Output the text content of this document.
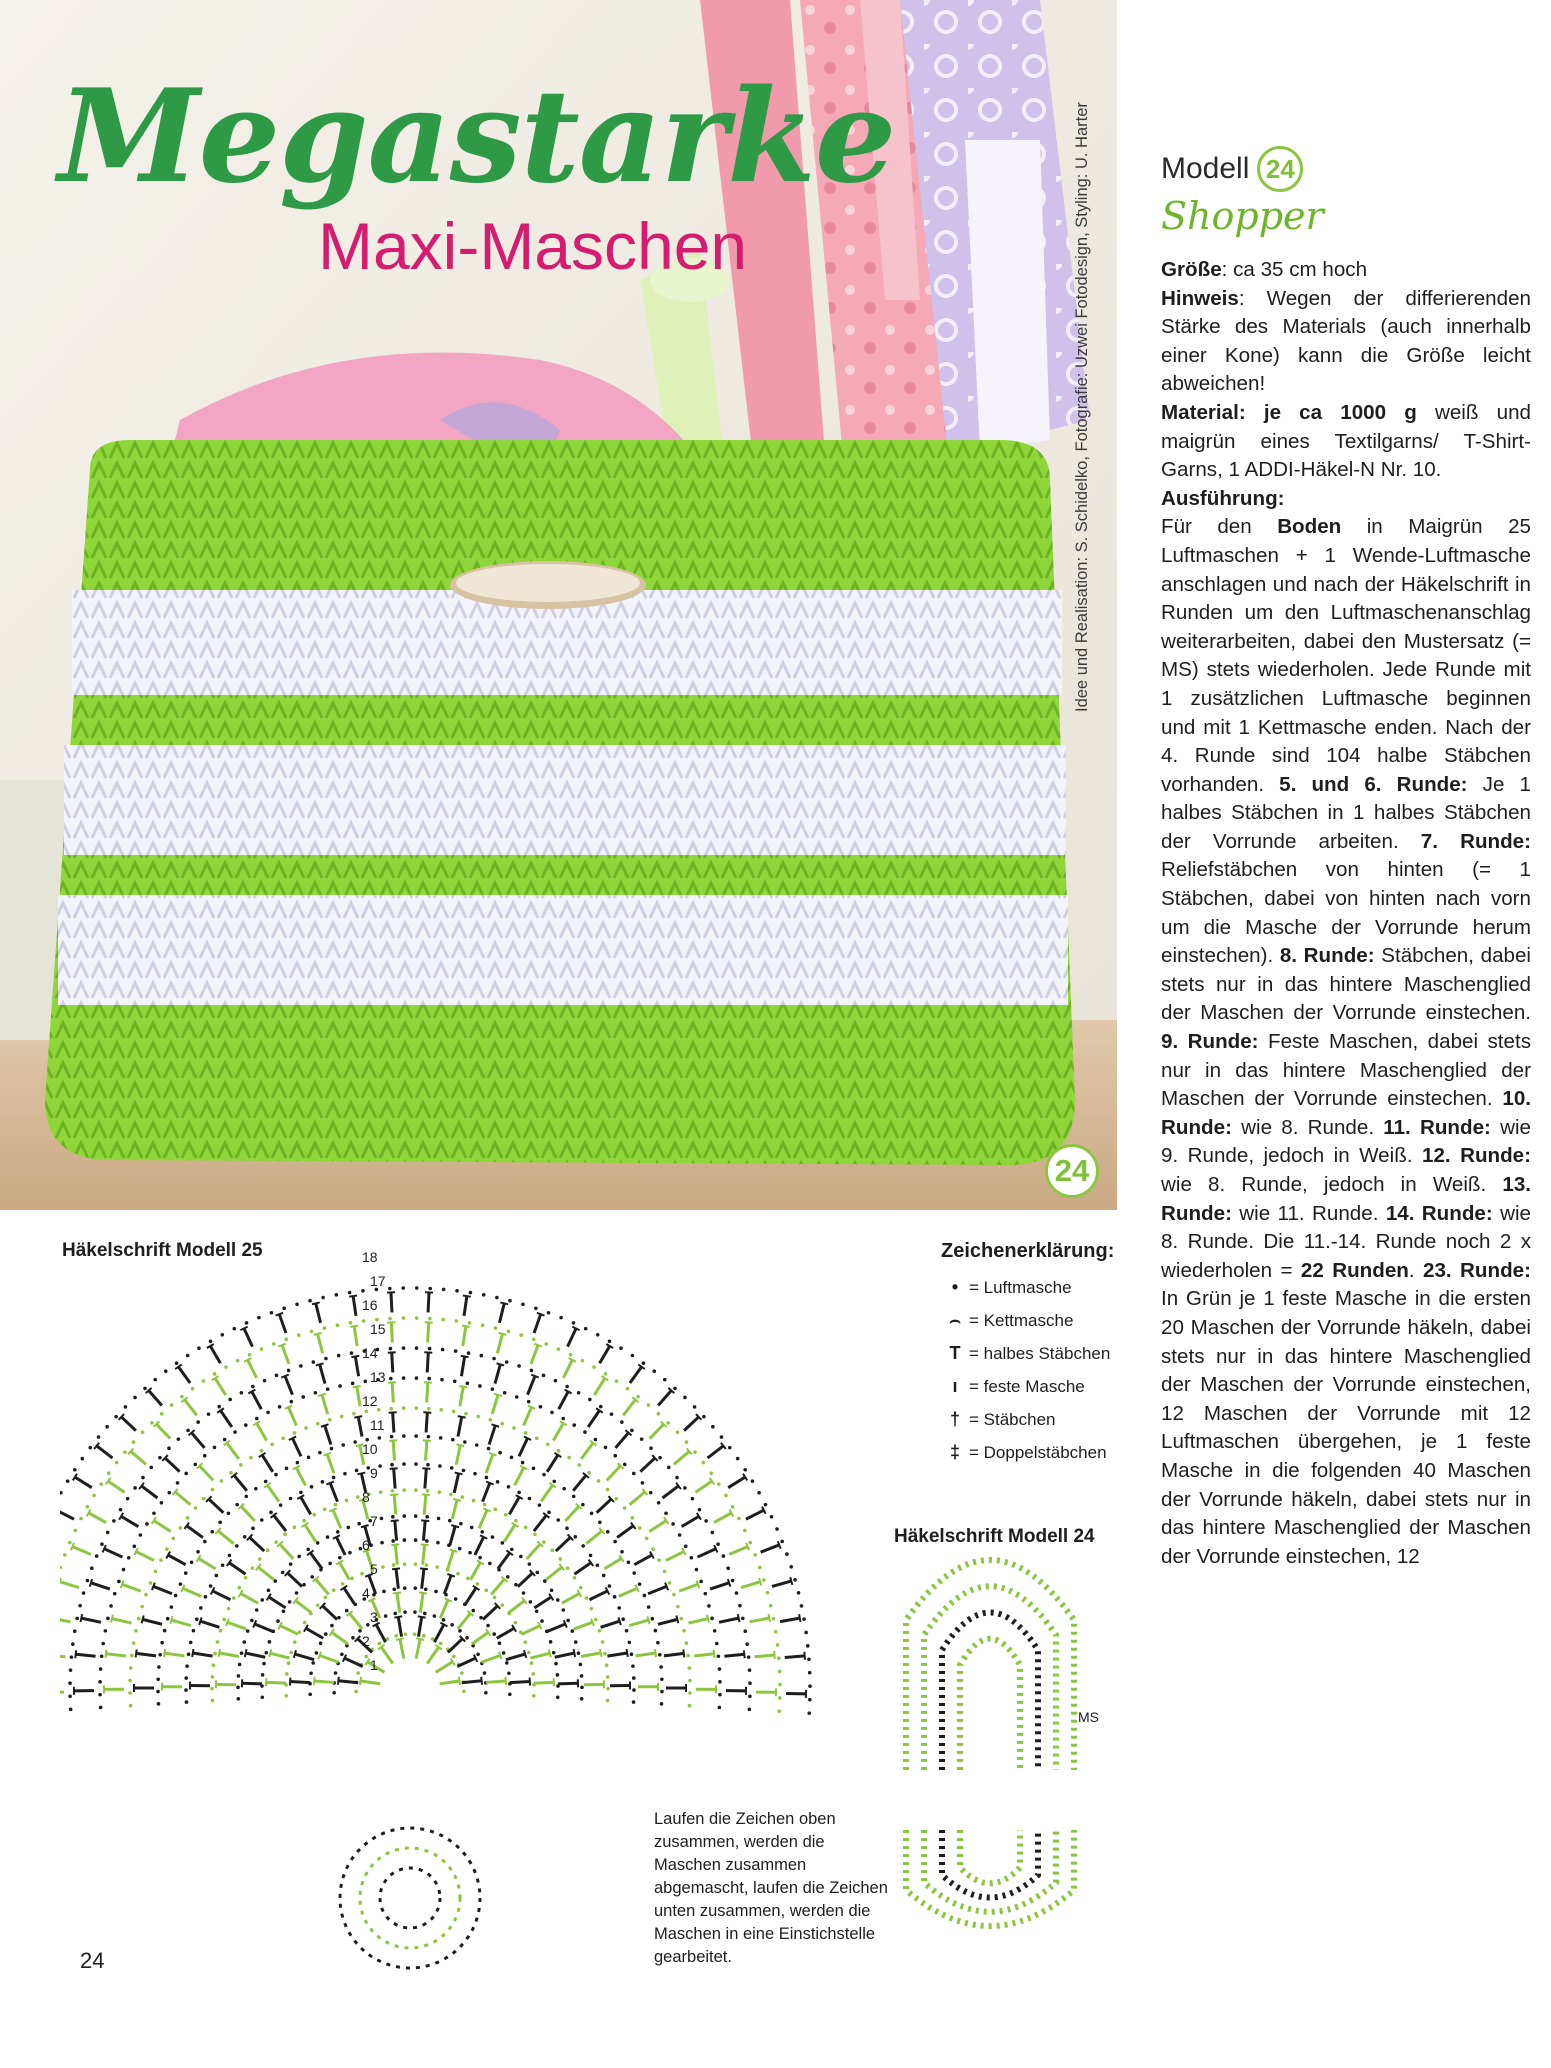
Megastarke
Maxi-Maschen	Idee und Realisation: S. Schidelko, Fotografie: Uzwei Fotodesign, Styling: U. Harter
24
Modell 24
Shopper

Größe: ca 35 cm hoch

Hinweis: Wegen der differierenden Stärke des Materials (auch innerhalb einer Kone) kann die Größe leicht abweichen!

Material: je ca 1000 g weiß und maigrün eines Textilgarns/ T-Shirt-Garns, 1 ADDI-Häkel-N Nr. 10.

Ausführung:

Für den Boden in Maigrün 25 Luftmaschen + 1 Wende-Luftmasche anschlagen und nach der Häkelschrift in Runden um den Luftmaschenanschlag weiterarbeiten, dabei den Mustersatz (= MS) stets wiederholen. Jede Runde mit 1 zusätzlichen Luftmasche beginnen und mit 1 Kettmasche enden. Nach der 4. Runde sind 104 halbe Stäbchen vorhanden. 5. und 6. Runde: Je 1 halbes Stäbchen in 1 halbes Stäbchen der Vorrunde arbeiten. 7. Runde: Reliefstäbchen von hinten (= 1 Stäbchen, dabei von hinten nach vorn um die Masche der Vorrunde herum einstechen). 8. Runde: Stäbchen, dabei stets nur in das hintere Maschenglied der Maschen der Vorrunde einstechen. 9. Runde: Feste Maschen, dabei stets nur in das hintere Maschenglied der Maschen der Vorrunde einstechen. 10. Runde: wie 8. Runde. 11. Runde: wie 9. Runde, jedoch in Weiß. 12. Runde: wie 8. Runde, jedoch in Weiß. 13. Runde: wie 11. Runde. 14. Runde: wie 8. Runde. Die 11.-14. Runde noch 2 x wiederholen = 22 Runden. 23. Runde: In Grün je 1 feste Masche in die ersten 20 Maschen der Vorrunde häkeln, dabei stets nur in das hintere Maschenglied der Maschen der Vorrunde einstechen, 12 Maschen der Vorrunde mit 12 Luftmaschen übergehen, je 1 feste Masche in die folgenden 40 Maschen der Vorrunde häkeln, dabei stets nur in das hintere Maschenglied der Maschen der Vorrunde einstechen, 12

Häkelschrift Modell 25
Häkelschrift Modell 24
18
17
16
15
14
13
12
11
10
9
8
7
6
5
4
3
2
1
MS
Zeichenerklärung:
• = Luftmasche
⌢ = Kettmasche
T = halbes Stäbchen
ı = feste Masche
† = Stäbchen
‡ = Doppelstäbchen
Laufen die Zeichen oben zusammen, werden die Maschen zusammen abgemascht, laufen die Zeichen unten zusammen, werden die Maschen in eine Einstichstelle gearbeitet.
24
